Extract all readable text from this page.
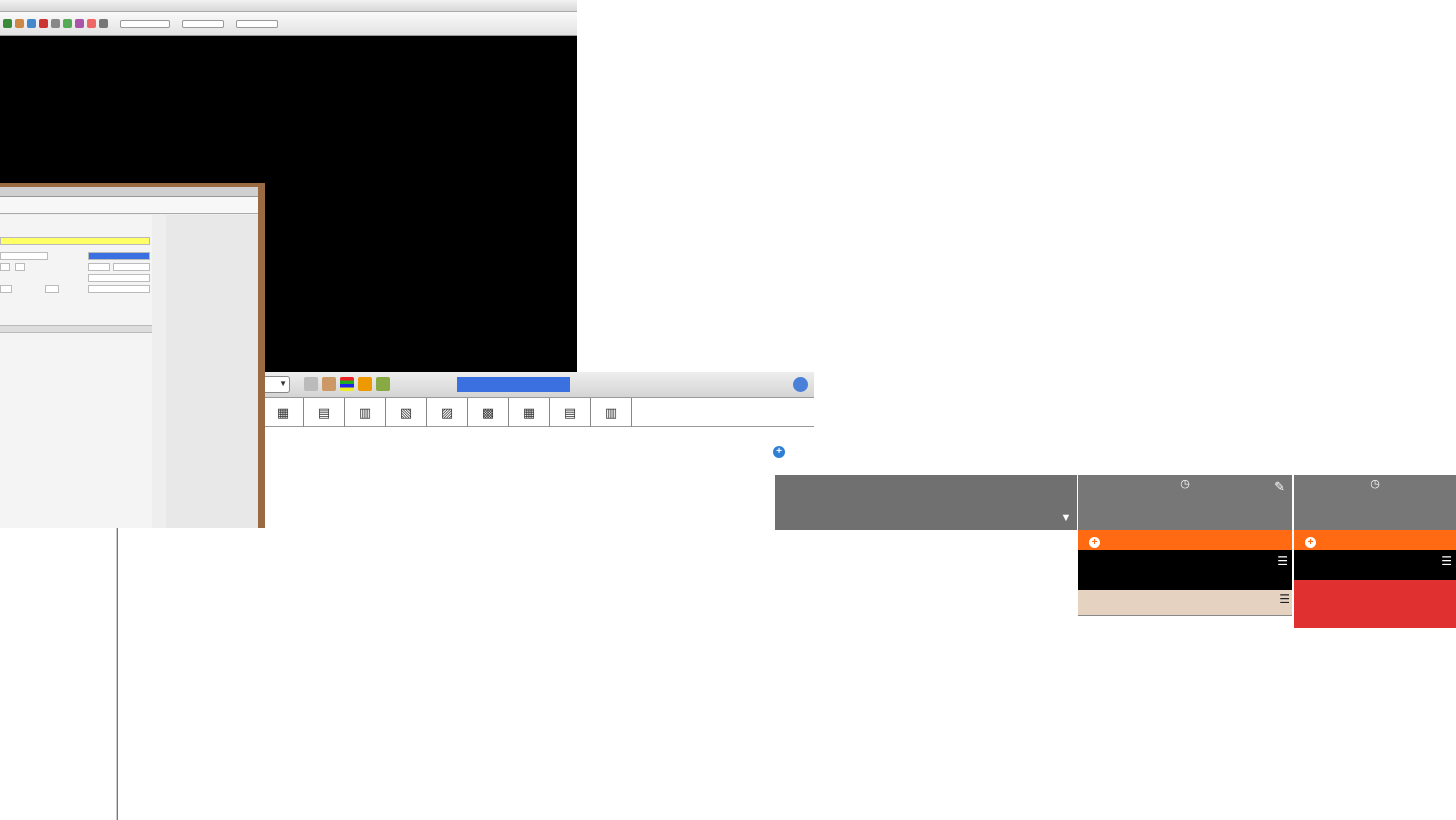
▼
▦	▤	▥	▧	▨	▩	▦	▤	▥
+
▼
◷	✎
+
☰
☰
◷
+
☰
